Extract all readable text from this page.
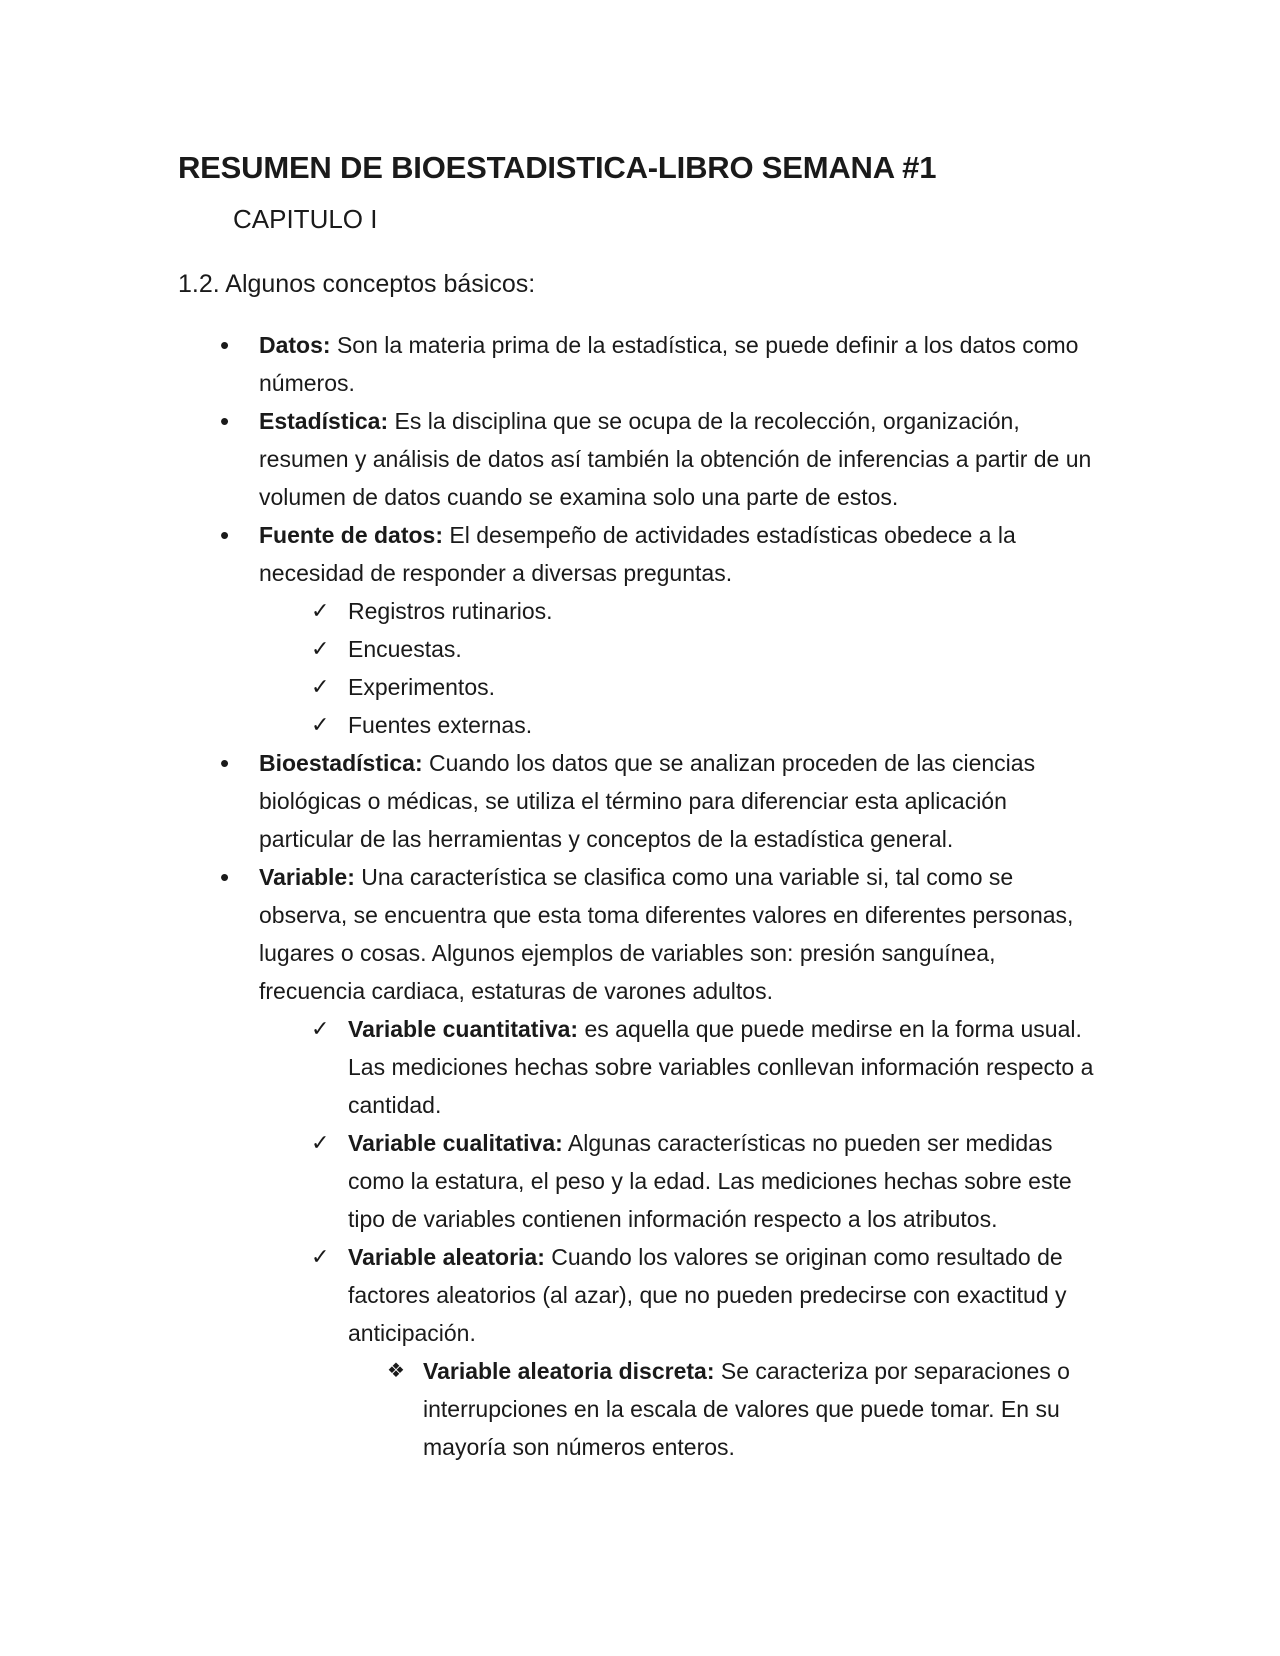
RESUMEN DE BIOESTADISTICA-LIBRO SEMANA #1
CAPITULO I

1.2. Algunos conceptos básicos:

• Datos: Son la materia prima de la estadística, se puede definir a los datos como números.

• Estadística: Es la disciplina que se ocupa de la recolección, organización, resumen y análisis de datos así también la obtención de inferencias a partir de un volumen de datos cuando se examina solo una parte de estos.

• Fuente de datos: El desempeño de actividades estadísticas obedece a la necesidad de responder a diversas preguntas.

✓ Registros rutinarios.

✓ Encuestas.

✓ Experimentos.

✓ Fuentes externas.

• Bioestadística: Cuando los datos que se analizan proceden de las ciencias biológicas o médicas, se utiliza el término para diferenciar esta aplicación particular de las herramientas y conceptos de la estadística general.

• Variable: Una característica se clasifica como una variable si, tal como se observa, se encuentra que esta toma diferentes valores en diferentes personas, lugares o cosas. Algunos ejemplos de variables son: presión sanguínea, frecuencia cardiaca, estaturas de varones adultos.

✓ Variable cuantitativa: es aquella que puede medirse en la forma usual. Las mediciones hechas sobre variables conllevan información respecto a cantidad.

✓ Variable cualitativa: Algunas características no pueden ser medidas como la estatura, el peso y la edad. Las mediciones hechas sobre este tipo de variables contienen información respecto a los atributos.

✓ Variable aleatoria: Cuando los valores se originan como resultado de factores aleatorios (al azar), que no pueden predecirse con exactitud y anticipación.

❖ Variable aleatoria discreta: Se caracteriza por separaciones o interrupciones en la escala de valores que puede tomar. En su mayoría son números enteros.
